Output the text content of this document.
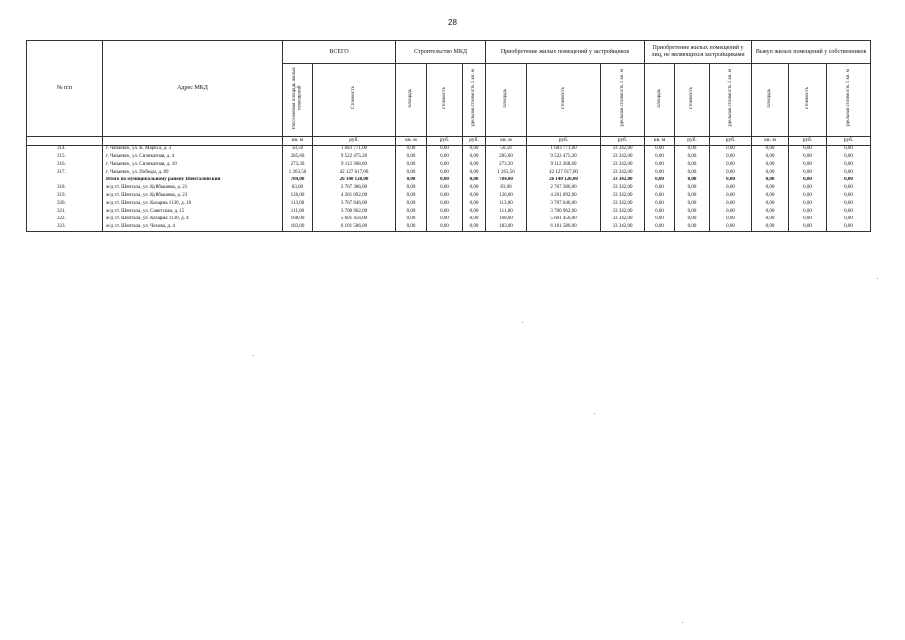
28
№ п/п	Адрес МКД	ВСЕГО		Строительство МКД			Приобретение жилых помещений у застройщиков			Приобретение жилых помещений у лиц, не являющихся застройщиками			Выкуп жилых помещений у собственников		
		Расселяемая площадь жилых помещений	Стоимость	площадь	стоимость	удельная стоимость 1 кв. м	площадь	стоимость	удельная стоимость 1 кв. м	площадь	стоимость	удельная стоимость 1 кв. м	площадь	стоимость	удельная стоимость 1 кв. м
		кв. м	руб.	кв. м	руб.	руб.	кв. м	руб.	руб.	кв. м	руб.	руб.	кв. м	руб.	руб.
314.	г. Чапаевск, ул. К. Маркса, д. 3	50,50	1 683 771,00	0,00	0,00	0,00	50,50	1 683 771,00	33 342,00	0,00	0,00	0,00	0,00	0,00	0,00
315.	г. Чапаевск, ул. Силикатная, д. 4	285,60	9 522 475,20	0,00	0,00	0,00	285,60	9 522 475,20	33 342,00	0,00	0,00	0,00	0,00	0,00	0,00
316.	г. Чапаевск, ул. Силикатная, д. 10	273,30	9 112 368,60	0,00	0,00	0,00	273,30	9 112 368,60	33 342,00	0,00	0,00	0,00	0,00	0,00	0,00
317.	г. Чапаевск, ул. Победы, д. 89	1 263,50	42 127 617,00	0,00	0,00	0,00	1 263,50	42 127 617,00	33 342,00	0,00	0,00	0,00	0,00	0,00	0,00
	Итого по муниципальному району Шенталинский	784,00	26 140 128,00	0,00	0,00	0,00	784,00	26 140 128,00	33 342,00	0,00	0,00	0,00	0,00	0,00	0,00
318.	ж/д ст. Шентала, ул. Куйбышева, д. 21	83,00	2 767 386,00	0,00	0,00	0,00	83,00	2 767 386,00	33 342,00	0,00	0,00	0,00	0,00	0,00	0,00
319.	ж/д ст. Шентала, ул. Куйбышева, д. 23	126,00	4 201 092,00	0,00	0,00	0,00	126,00	4 201 092,00	33 342,00	0,00	0,00	0,00	0,00	0,00	0,00
320.	ж/д ст. Шентала, ул. Казарма 1130, д. 10	113,00	3 767 646,00	0,00	0,00	0,00	113,00	3 767 646,00	33 342,00	0,00	0,00	0,00	0,00	0,00	0,00
321.	ж/д ст. Шентала, ул. Советская, д. 15	111,00	3 700 962,00	0,00	0,00	0,00	111,00	3 700 962,00	33 342,00	0,00	0,00	0,00	0,00	0,00	0,00
322.	ж/д ст. Шентала, ул. Казарма 1130, д. 4	168,00	5 601 456,00	0,00	0,00	0,00	168,00	5 601 456,00	33 342,00	0,00	0,00	0,00	0,00	0,00	0,00
323.	ж/д ст. Шентала, ул. Чехова, д. 4	183,00	6 101 586,00	0,00	0,00	0,00	183,00	6 101 586,00	33 342,00	0,00	0,00	0,00	0,00	0,00	0,00
